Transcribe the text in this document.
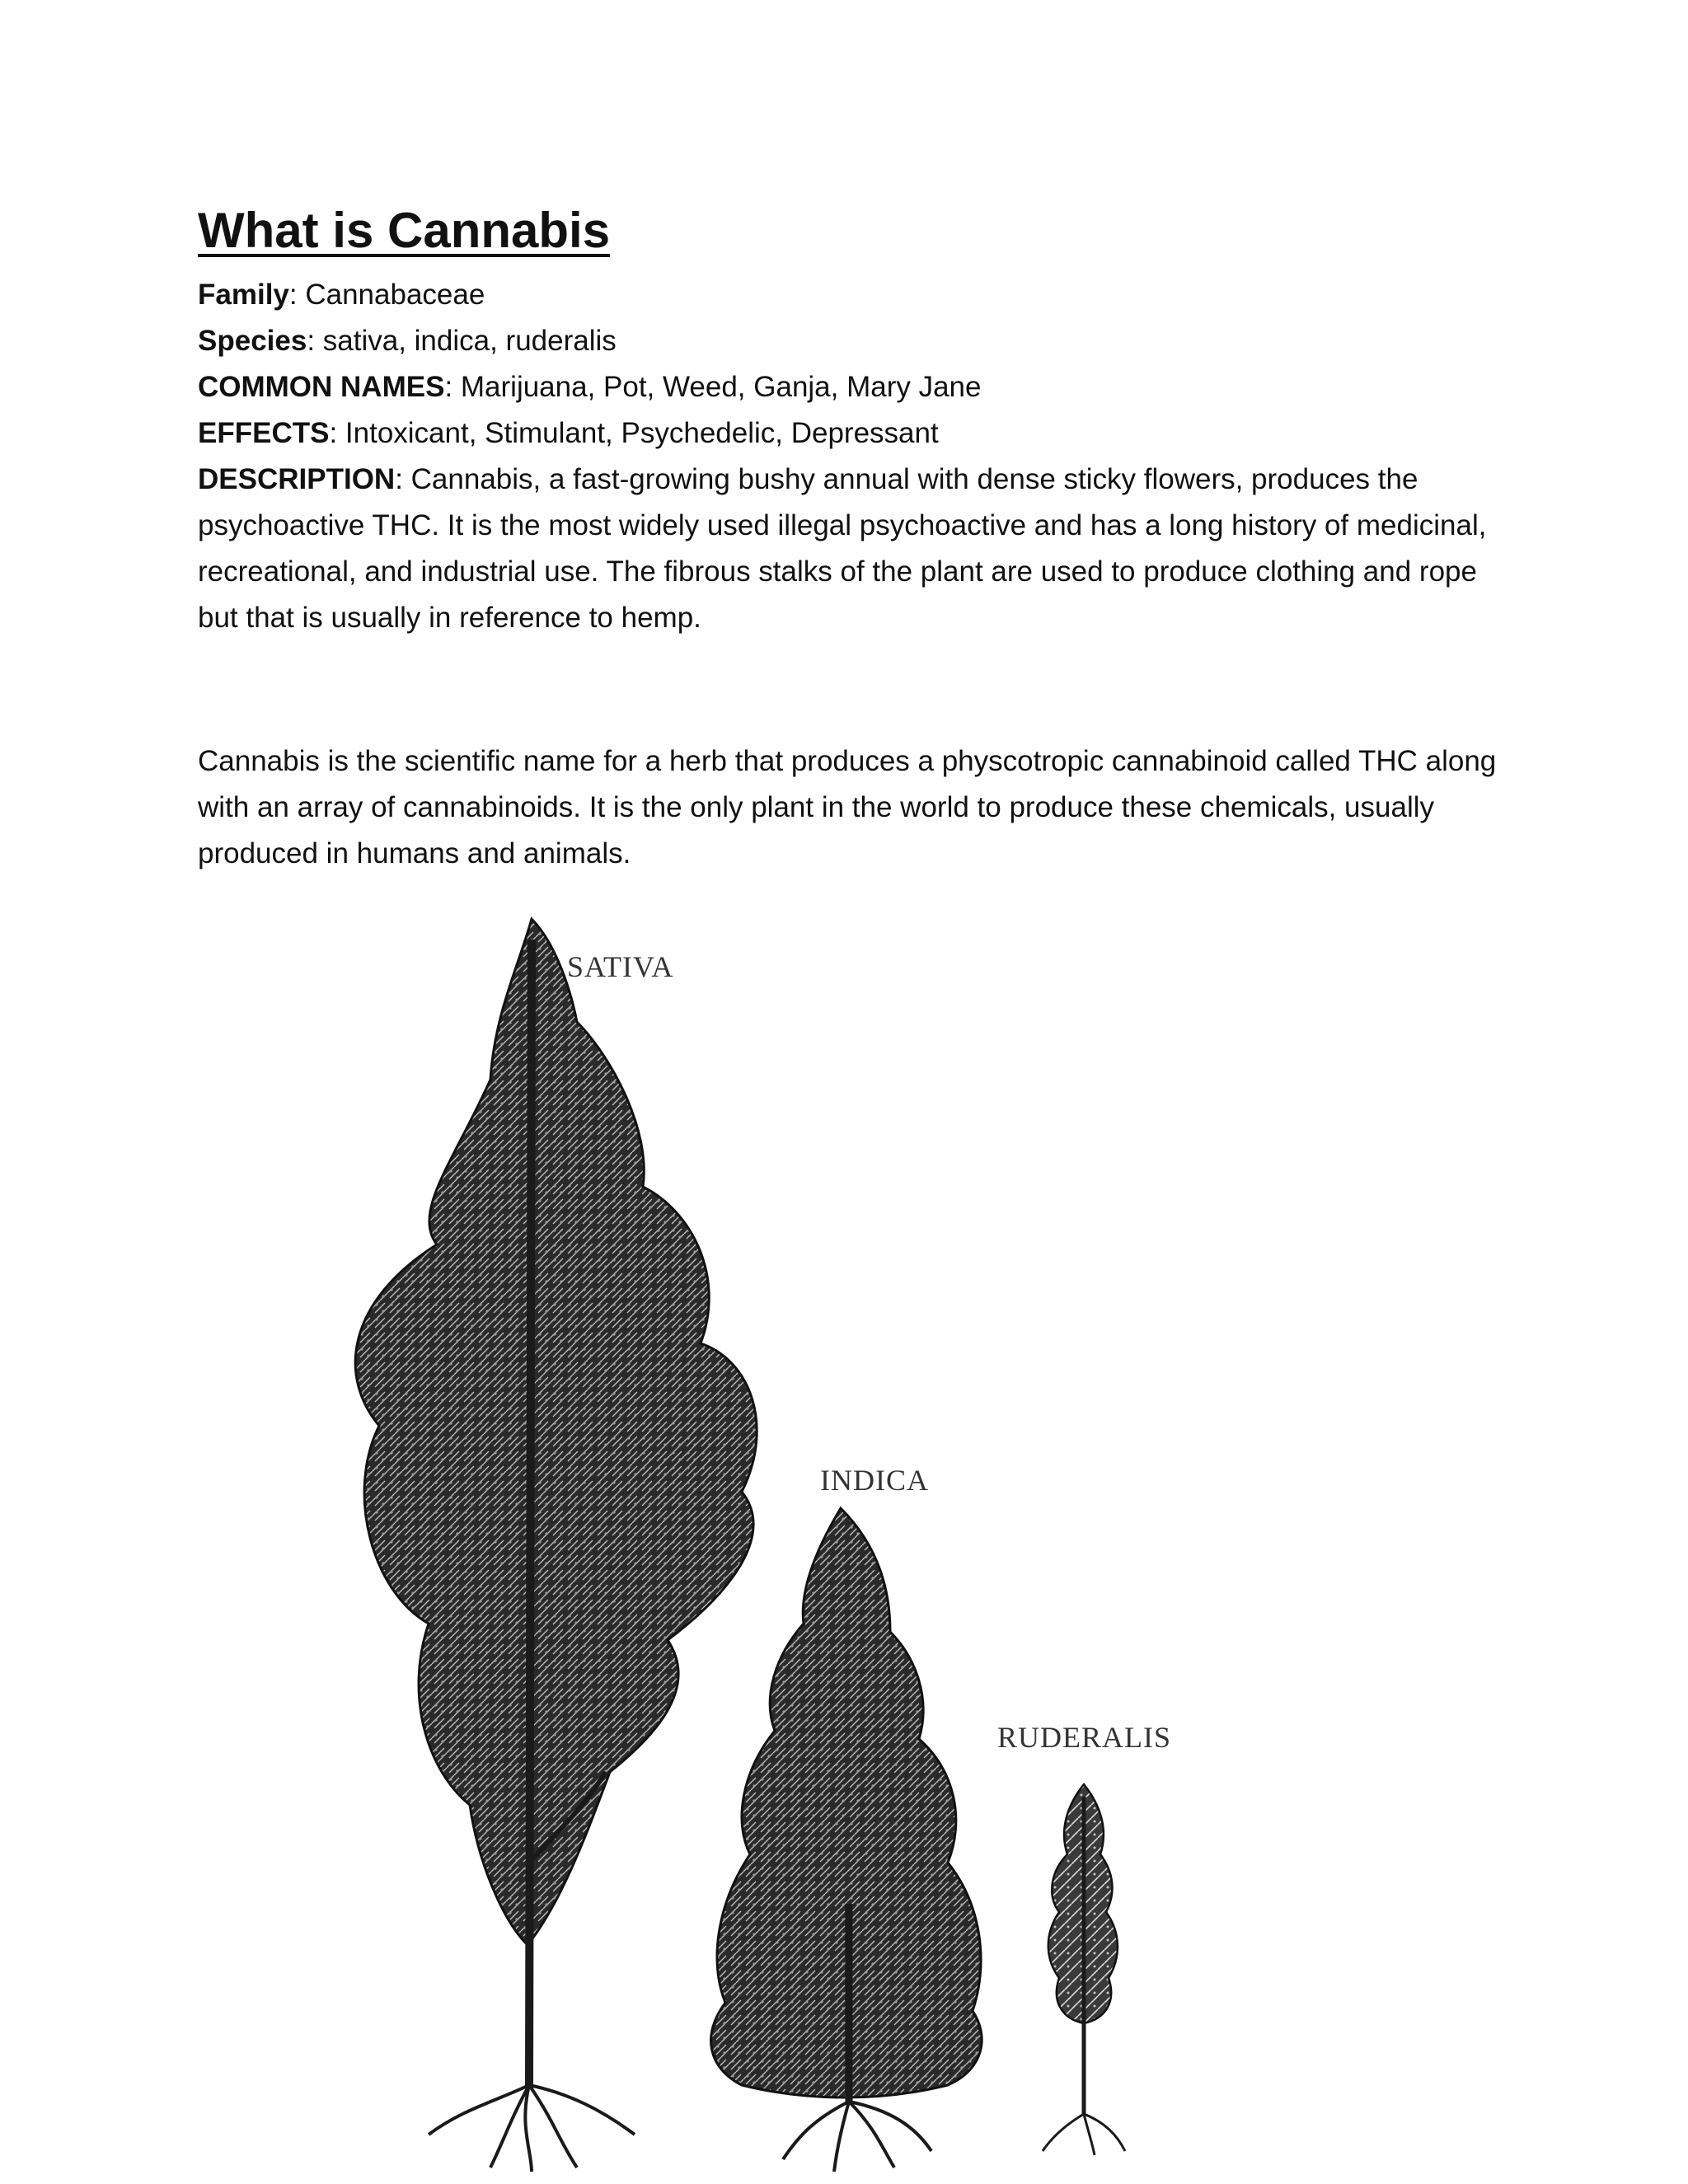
What is Cannabis

Family: Cannabaceae

Species: sativa, indica, ruderalis

COMMON NAMES: Marijuana, Pot, Weed, Ganja, Mary Jane

EFFECTS: Intoxicant, Stimulant, Psychedelic, Depressant

DESCRIPTION: Cannabis, a fast-growing bushy annual with dense sticky flowers, produces the psychoactive THC. It is the most widely used illegal psychoactive and has a long history of medicinal, recreational, and industrial use. The fibrous stalks of the plant are used to produce clothing and rope but that is usually in reference to hemp.

Cannabis is the scientific name for a herb that produces a physcotropic cannabinoid called THC along with an array of cannabinoids. It is the only plant in the world to produce these chemicals, usually produced in humans and animals.

SATIVA
INDICA
RUDERALIS
